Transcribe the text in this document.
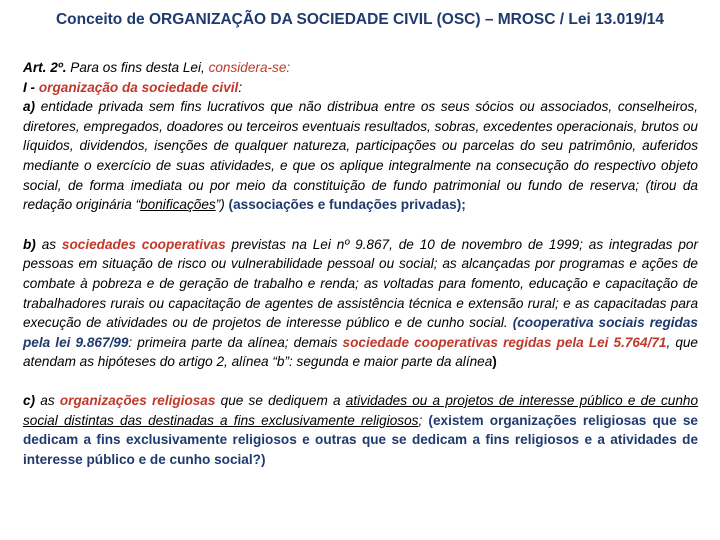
Conceito de ORGANIZAÇÃO DA SOCIEDADE CIVIL (OSC) – MROSC / Lei 13.019/14

Art. 2º. Para os fins desta Lei, considera-se:

I - organização da sociedade civil:

a) entidade privada sem fins lucrativos que não distribua entre os seus sócios ou associados, conselheiros, diretores, empregados, doadores ou terceiros eventuais resultados, sobras, excedentes operacionais, brutos ou líquidos, dividendos, isenções de qualquer natureza, participações ou parcelas do seu patrimônio, auferidos mediante o exercício de suas atividades, e que os aplique integralmente na consecução do respectivo objeto social, de forma imediata ou por meio da constituição de fundo patrimonial ou fundo de reserva; (tirou da redação originária “bonificações”) (associações e fundações privadas);

b) as sociedades cooperativas previstas na Lei nº 9.867, de 10 de novembro de 1999; as integradas por pessoas em situação de risco ou vulnerabilidade pessoal ou social; as alcançadas por programas e ações de combate à pobreza e de geração de trabalho e renda; as voltadas para fomento, educação e capacitação de trabalhadores rurais ou capacitação de agentes de assistência técnica e extensão rural; e as capacitadas para execução de atividades ou de projetos de interesse público e de cunho social. (cooperativa sociais regidas pela lei 9.867/99: primeira parte da alínea; demais sociedade cooperativas regidas pela Lei 5.764/71, que atendam as hipóteses do artigo 2, alínea “b”: segunda e maior parte da alínea)

c) as organizações religiosas que se dediquem a atividades ou a projetos de interesse público e de cunho social distintas das destinadas a fins exclusivamente religiosos; (existem organizações religiosas que se dedicam a fins exclusivamente religiosos e outras que se dedicam a fins religiosos e a atividades de interesse público e de cunho social?)
